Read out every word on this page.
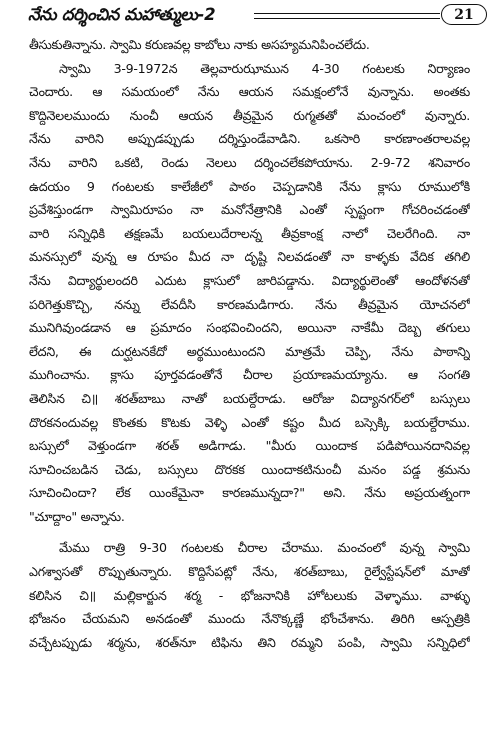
నేను దర్శించిన మహాత్ములు-2	21
తీసుకుతిన్నాను. స్వామి కరుణవల్ల కాబోలు నాకు అసహ్యమనిపించలేదు.
స్వామి 3-9-1972న తెల్లవారుఝామున 4-30 గంటలకు నిర్యాణం
చెందారు. ఆ సమయంలో నేను ఆయన సమక్షంలోనే వున్నాను. అంతకు
కొద్దినెలలముందు నుంచీ ఆయన తీవ్రమైన రుగ్మతతో మంచంలో వున్నారు.
నేను వారిని అప్పుడప్పుడు దర్శిస్తుండేవాడిని. ఒకసారి కారణాంతరాలవల్ల
నేను వారిని ఒకటి, రెండు నెలలు దర్శించలేకపోయాను. 2-9-72 శనివారం
ఉదయం 9 గంటలకు కాలేజీలో పాఠం చెప్పడానికి నేను క్లాసు రూములోకి
ప్రవేశిస్తుండగా స్వామిరూపం నా మనోనేత్రానికి ఎంతో స్పష్టంగా గోచరించడంతో
వారి సన్నిధికి తక్షణమే బయలుదేరాలన్న తీవ్రకాంక్ష నాలో చెలరేగింది. నా
మనస్సులో వున్న ఆ రూపం మీద నా దృష్టి నిలవడంతో నా కాళ్ళకు వేదిక తగిలి
నేను విద్యార్థులందరి ఎదుట క్లాసులో జారిపడ్డాను. విద్యార్థులెంతో ఆందోళనతో
పరిగెత్తుకొచ్చి, నన్ను లేవదీసి కారణమడిగారు. నేను తీవ్రమైన యోచనలో
మునిగివుండడాన ఆ ప్రమాదం సంభవించిందని, అయినా నాకేమీ దెబ్బ తగులు
లేదని, ఈ దుర్ఘటనకేదో అర్థముంటుందని మాత్రమే చెప్పి, నేను పాఠాన్ని
ముగించాను. క్లాసు పూర్తవడంతోనే చీరాల ప్రయాణమయ్యాను. ఆ సంగతి
తెలిసిన చి॥ శరత్‌బాబు నాతో బయల్దేరాడు. ఆరోజు విద్యానగర్‌లో బస్సులు
దొరకనందువల్ల కొంతకు కొటకు వెళ్ళి ఎంతో కష్టం మీద బస్సెక్కి బయల్దేరాము.
బస్సులో వెళ్తుండగా శరత్ అడిగాడు. "మీరు యిందాక పడిపోయినదానివల్ల
సూచించబడిన చెడు, బస్సులు దొరకక యిందాకటినుంచీ మనం పడ్డ శ్రమను
సూచించిందా? లేక యింకేమైనా కారణమున్నదా?" అని. నేను అప్రయత్నంగా
"చూద్దాం" అన్నాను.
మేము రాత్రి 9-30 గంటలకు చీరాల చేరాము. మంచంలో వున్న స్వామి
ఎగశ్వాసతో రొప్పుతున్నారు. కొద్దిసేపట్లో నేను, శరత్‌బాబు, రైల్వేస్టేషన్‌లో మాతో
కలిసిన చి॥ మల్లికార్జున శర్మ - భోజనానికి హోటలుకు వెళ్ళాము. వాళ్ళు
భోజనం చేయమని అనడంతో ముందు నేనొక్కణ్ణే భోంచేశాను. తిరిగి ఆస్పత్రికి
వచ్చేటప్పుడు శర్మను, శరత్‌నూ టిఫిను తిని రమ్మని పంపి, స్వామి సన్నిధిలో
